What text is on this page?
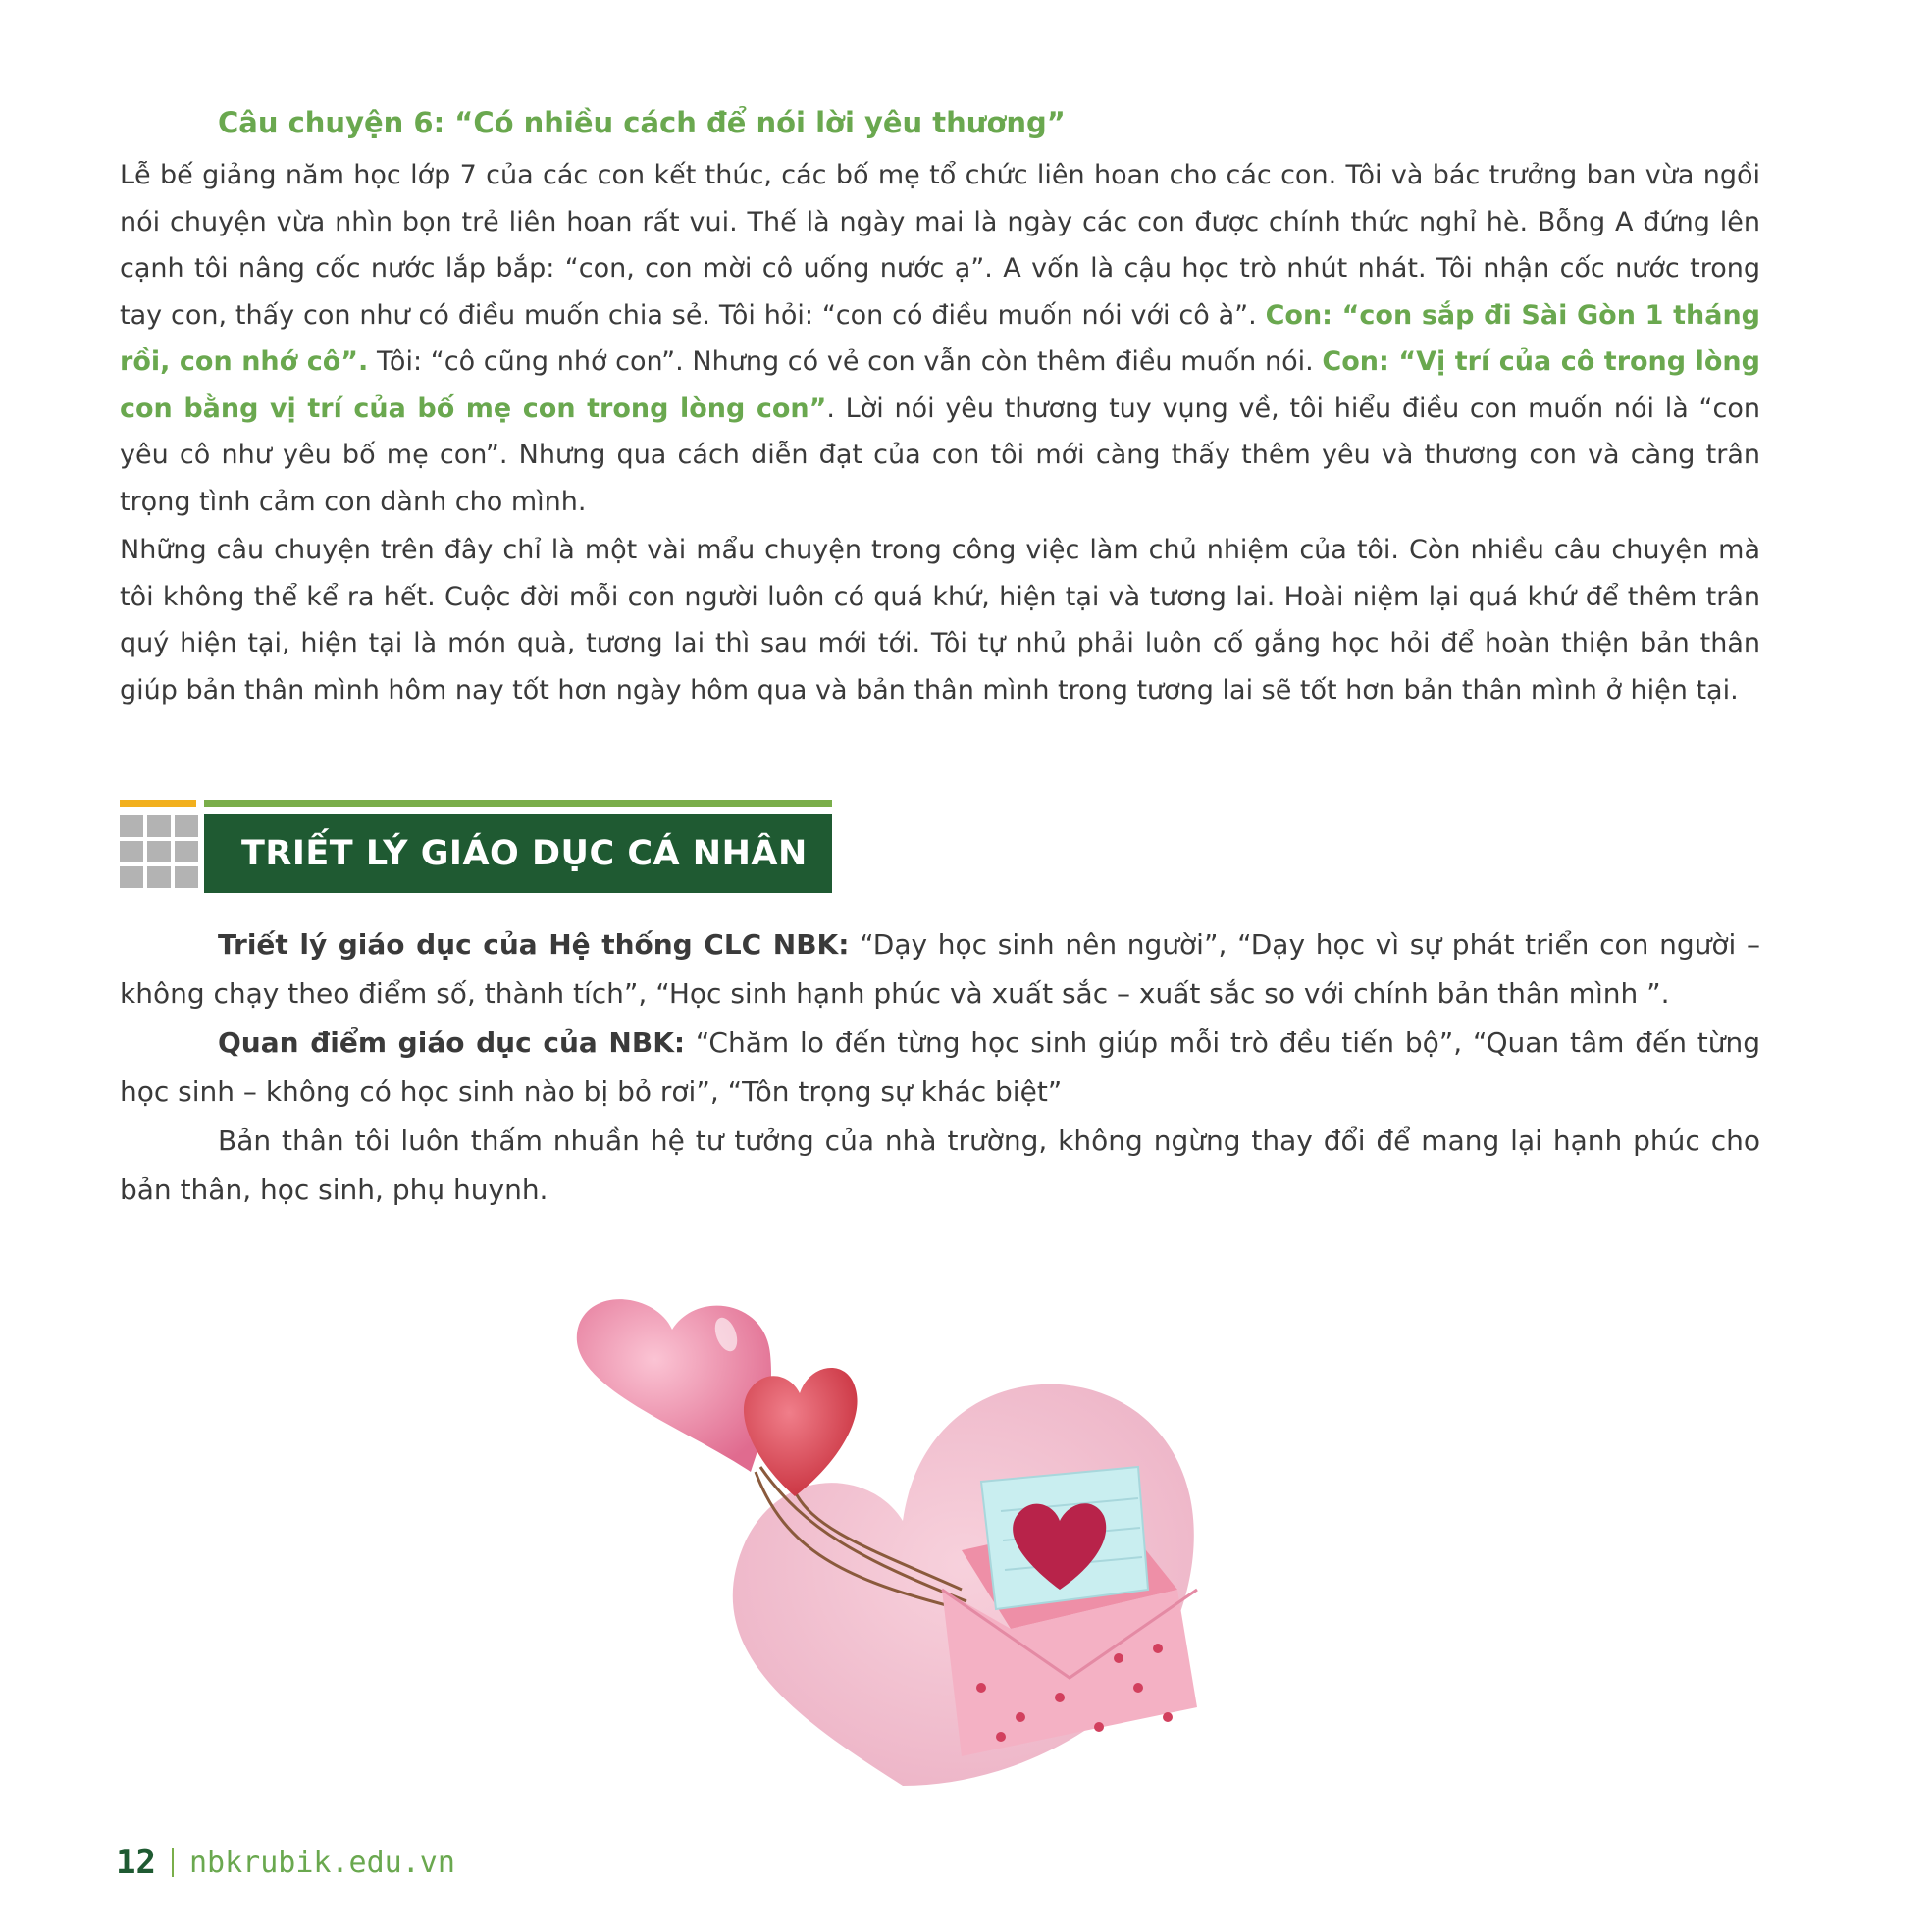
Câu chuyện 6: “Có nhiều cách để nói lời yêu thương”

Lễ bế giảng năm học lớp 7 của các con kết thúc, các bố mẹ tổ chức liên hoan cho các con. Tôi và bác trưởng ban vừa ngồi nói chuyện vừa nhìn bọn trẻ liên hoan rất vui. Thế là ngày mai là ngày các con được chính thức nghỉ hè. Bỗng A đứng lên cạnh tôi nâng cốc nước lắp bắp: “con, con mời cô uống nước ạ”. A vốn là cậu học trò nhút nhát. Tôi nhận cốc nước trong tay con, thấy con như có điều muốn chia sẻ. Tôi hỏi: “con có điều muốn nói với cô à”. Con: “con sắp đi Sài Gòn 1 tháng rồi, con nhớ cô”. Tôi: “cô cũng nhớ con”. Nhưng có vẻ con vẫn còn thêm điều muốn nói. Con: “Vị trí của cô trong lòng con bằng vị trí của bố mẹ con trong lòng con”. Lời nói yêu thương tuy vụng về, tôi hiểu điều con muốn nói là “con yêu cô như yêu bố mẹ con”. Nhưng qua cách diễn đạt của con tôi mới càng thấy thêm yêu và thương con và càng trân trọng tình cảm con dành cho mình.

Những câu chuyện trên đây chỉ là một vài mẩu chuyện trong công việc làm chủ nhiệm của tôi. Còn nhiều câu chuyện mà tôi không thể kể ra hết. Cuộc đời mỗi con người luôn có quá khứ, hiện tại và tương lai. Hoài niệm lại quá khứ để thêm trân quý hiện tại, hiện tại là món quà, tương lai thì sau mới tới. Tôi tự nhủ phải luôn cố gắng học hỏi để hoàn thiện bản thân giúp bản thân mình hôm nay tốt hơn ngày hôm qua và bản thân mình trong tương lai sẽ tốt hơn bản thân mình ở hiện tại.

TRIẾT LÝ GIÁO DỤC CÁ NHÂN

Triết lý giáo dục của Hệ thống CLC NBK: “Dạy học sinh nên người”, “Dạy học vì sự phát triển con người – không chạy theo điểm số, thành tích”, “Học sinh hạnh phúc và xuất sắc – xuất sắc so với chính bản thân mình ”.

Quan điểm giáo dục của NBK: “Chăm lo đến từng học sinh giúp mỗi trò đều tiến bộ”, “Quan tâm đến từng học sinh – không có học sinh nào bị bỏ rơi”, “Tôn trọng sự khác biệt”

Bản thân tôi luôn thấm nhuần hệ tư tưởng của nhà trường, không ngừng thay đổi để mang lại hạnh phúc cho bản thân, học sinh, phụ huynh.

12 nbkrubik.edu.vn
